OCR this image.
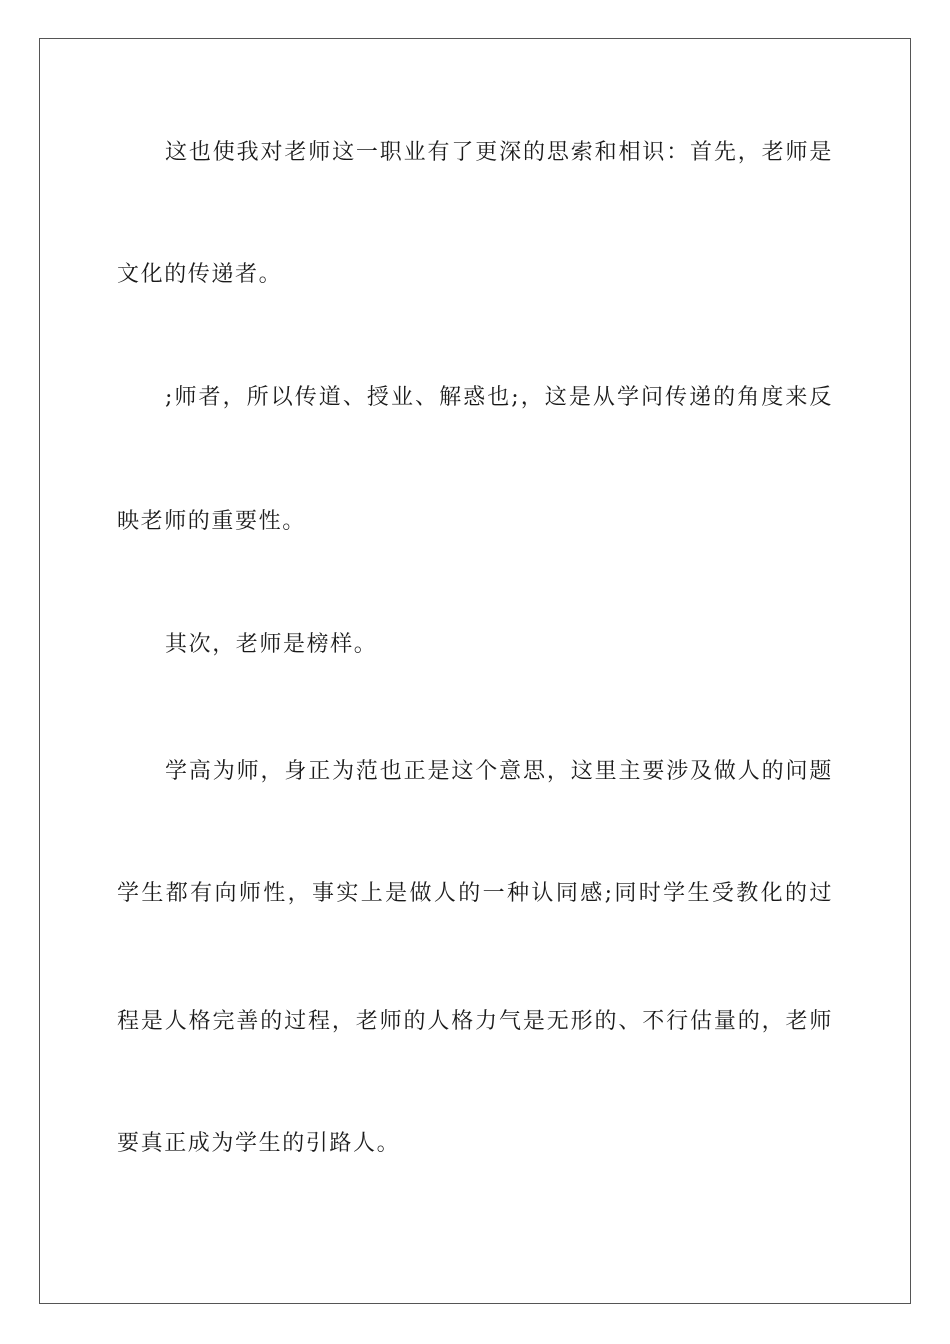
这也使我对老师这一职业有了更深的思索和相识：首先，老师是

文化的传递者。

;师者，所以传道、授业、解惑也;，这是从学问传递的角度来反

映老师的重要性。

其次，老师是榜样。

学高为师，身正为范也正是这个意思，这里主要涉及做人的问题

学生都有向师性，事实上是做人的一种认同感;同时学生受教化的过

程是人格完善的过程，老师的人格力气是无形的、不行估量的，老师

要真正成为学生的引路人。
